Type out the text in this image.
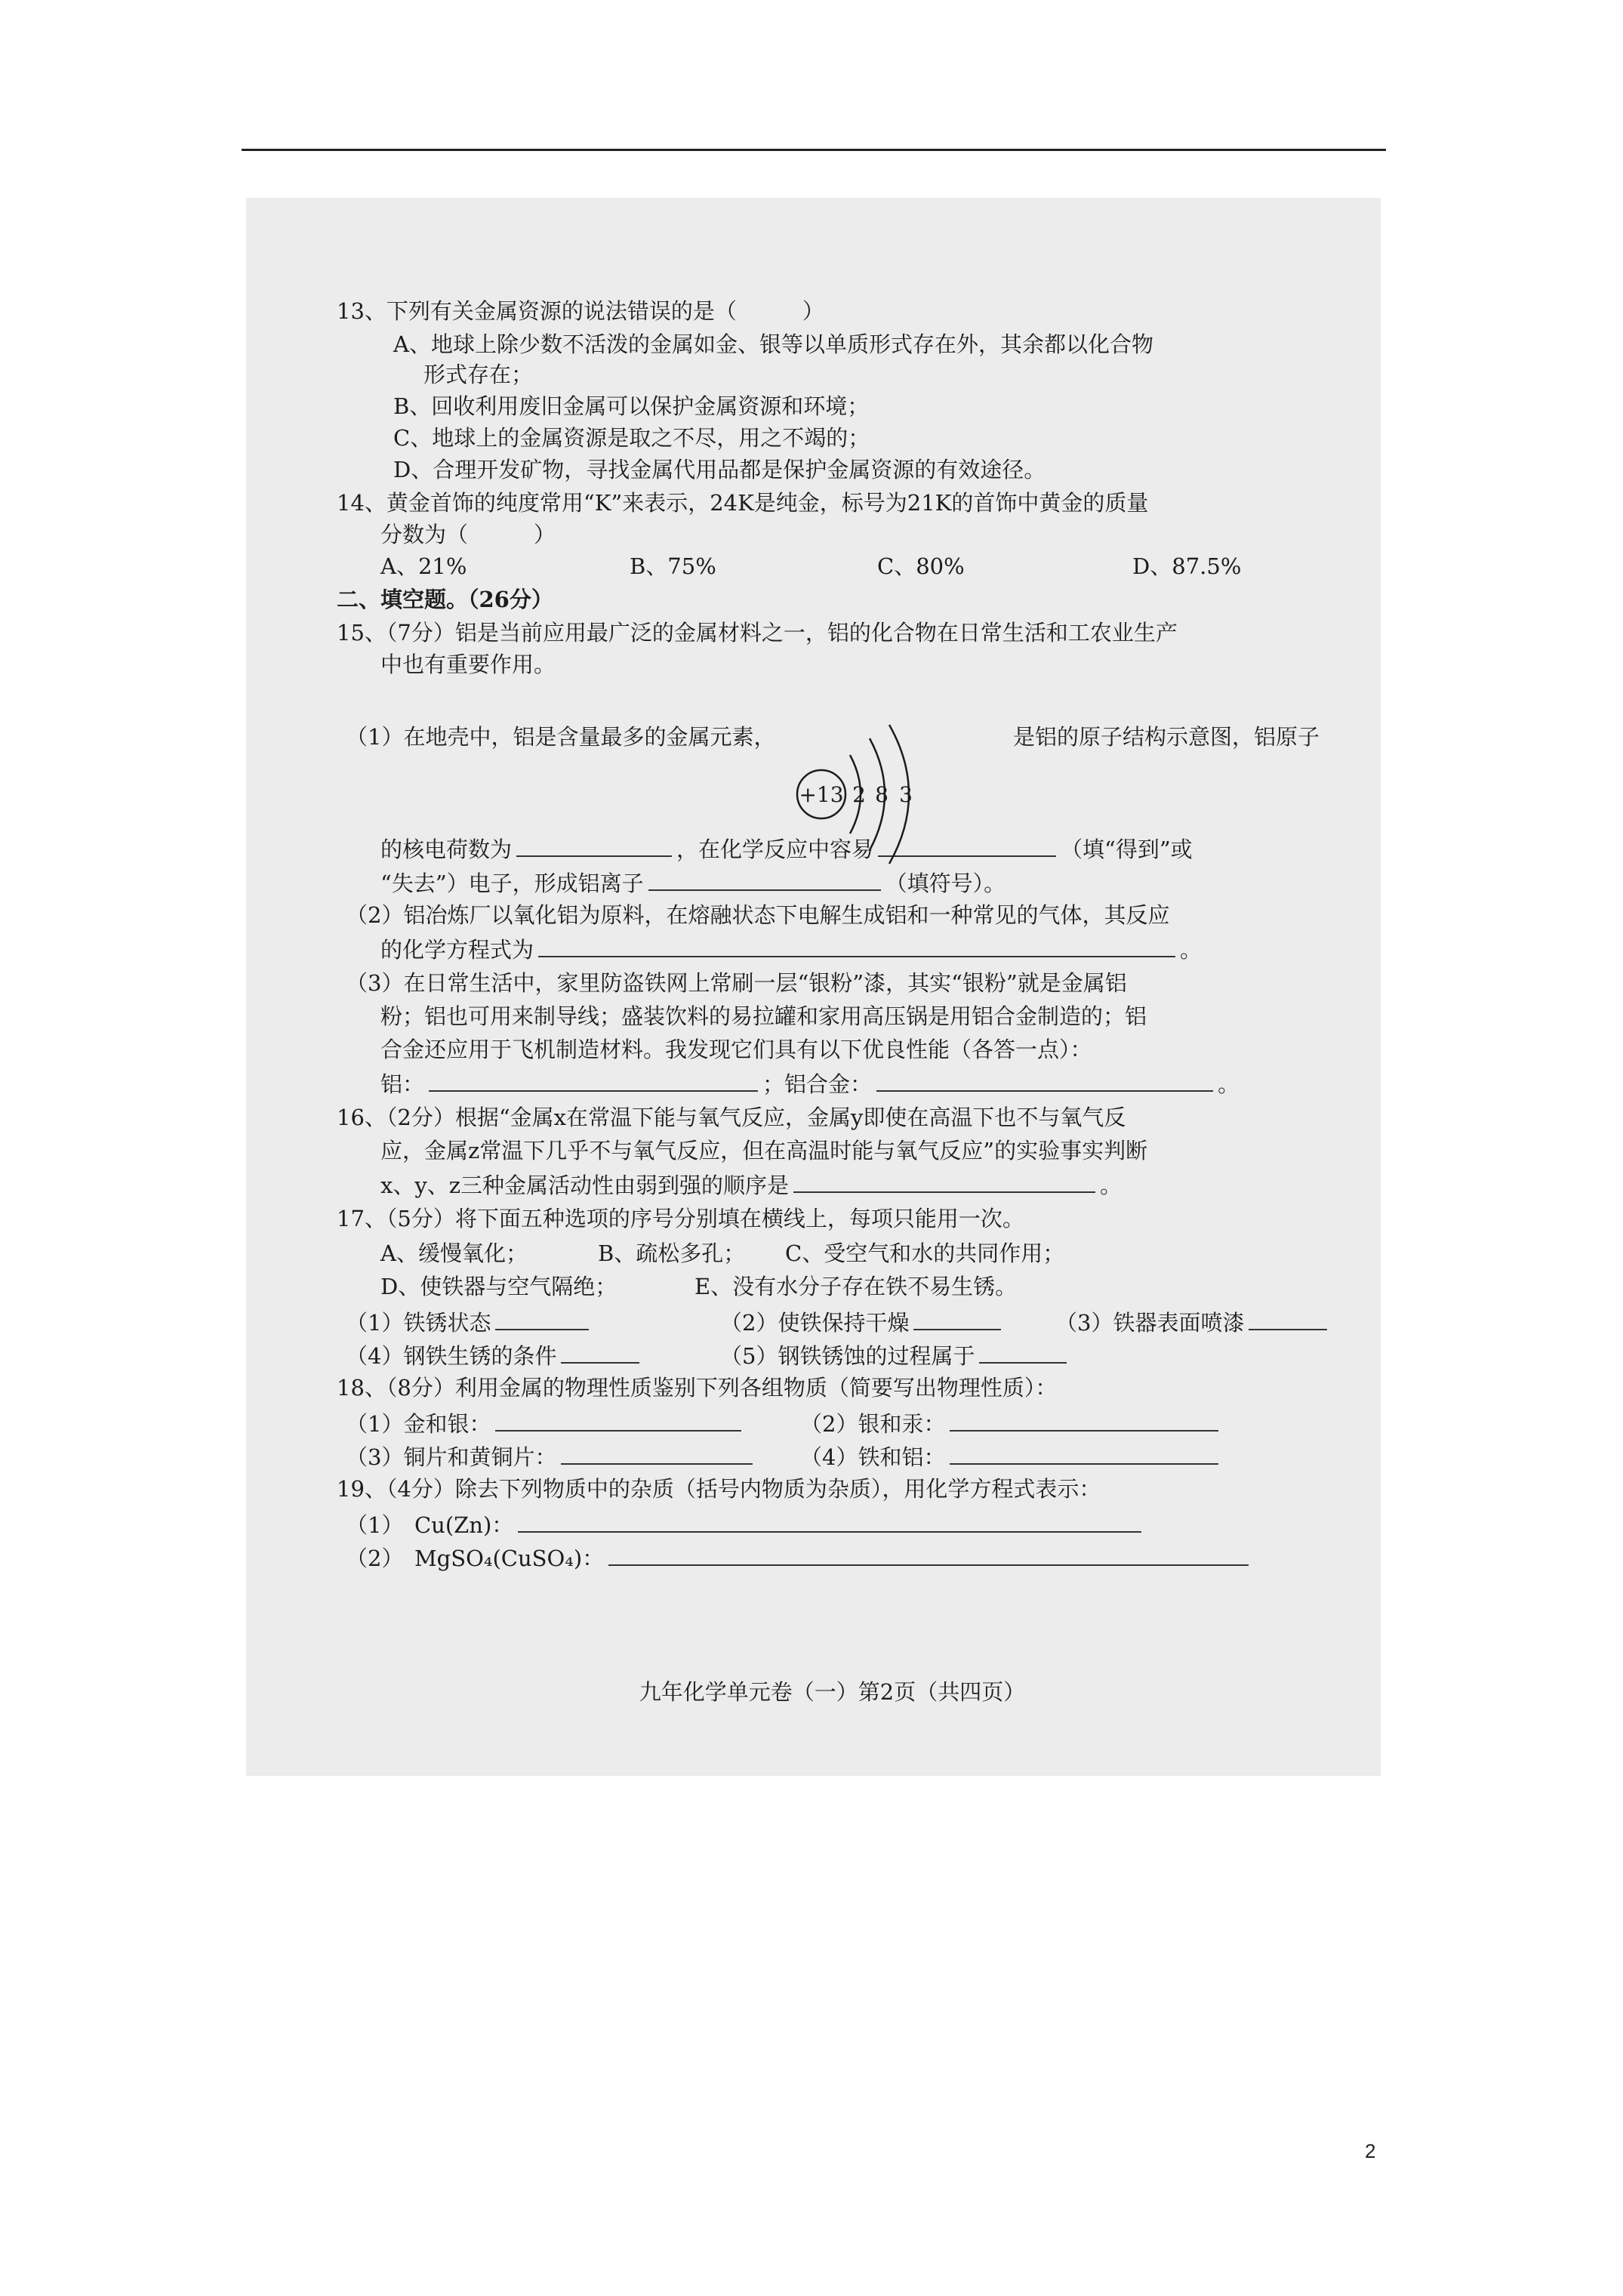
13、下列有关金属资源的说法错误的是（　　　）
A、地球上除少数不活泼的金属如金、银等以单质形式存在外，其余都以化合物
形式存在；
B、回收利用废旧金属可以保护金属资源和环境；
C、地球上的金属资源是取之不尽，用之不竭的；
D、合理开发矿物，寻找金属代用品都是保护金属资源的有效途径。
14、黄金首饰的纯度常用“K”来表示，24K是纯金，标号为21K的首饰中黄金的质量
分数为（　　　）
A、21%	B、75%	C、80%	D、87.5%
二、填空题。（26分）
15、（7分）铝是当前应用最广泛的金属材料之一，铝的化合物在日常生活和工农业生产
中也有重要作用。
（1）在地壳中，铝是含量最多的金属元素，	是铝的原子结构示意图，铝原子
的核电荷数为	，在化学反应中容易	（填“得到”或
“失去”）电子，形成铝离子	（填符号）。
（2）铝冶炼厂以氧化铝为原料，在熔融状态下电解生成铝和一种常见的气体，其反应
的化学方程式为	。
（3）在日常生活中，家里防盗铁网上常刷一层“银粉”漆，其实“银粉”就是金属铝
粉；铝也可用来制导线；盛装饮料的易拉罐和家用高压锅是用铝合金制造的；铝
合金还应用于飞机制造材料。我发现它们具有以下优良性能（各答一点）：
铝：	；铝合金：	。
16、（2分）根据“金属x在常温下能与氧气反应，金属y即使在高温下也不与氧气反
应，金属z常温下几乎不与氧气反应，但在高温时能与氧气反应”的实验事实判断
x、y、z三种金属活动性由弱到强的顺序是	。
17、（5分）将下面五种选项的序号分别填在横线上，每项只能用一次。
A、缓慢氧化；	B、疏松多孔； C、受空气和水的共同作用；
D、使铁器与空气隔绝；	E、没有水分子存在铁不易生锈。
（1）铁锈状态	（2）使铁保持干燥	（3）铁器表面喷漆
（4）钢铁生锈的条件	（5）钢铁锈蚀的过程属于
18、（8分）利用金属的物理性质鉴别下列各组物质（简要写出物理性质）：
（1）金和银：	（2）银和汞：
（3）铜片和黄铜片：	（4）铁和铝：
19、（4分）除去下列物质中的杂质（括号内物质为杂质），用化学方程式表示：
（1）　Cu(Zn)：
（2）　MgSO₄(CuSO₄)：
九年化学单元卷（一）第2页（共四页）
+13 2 8 3
2
